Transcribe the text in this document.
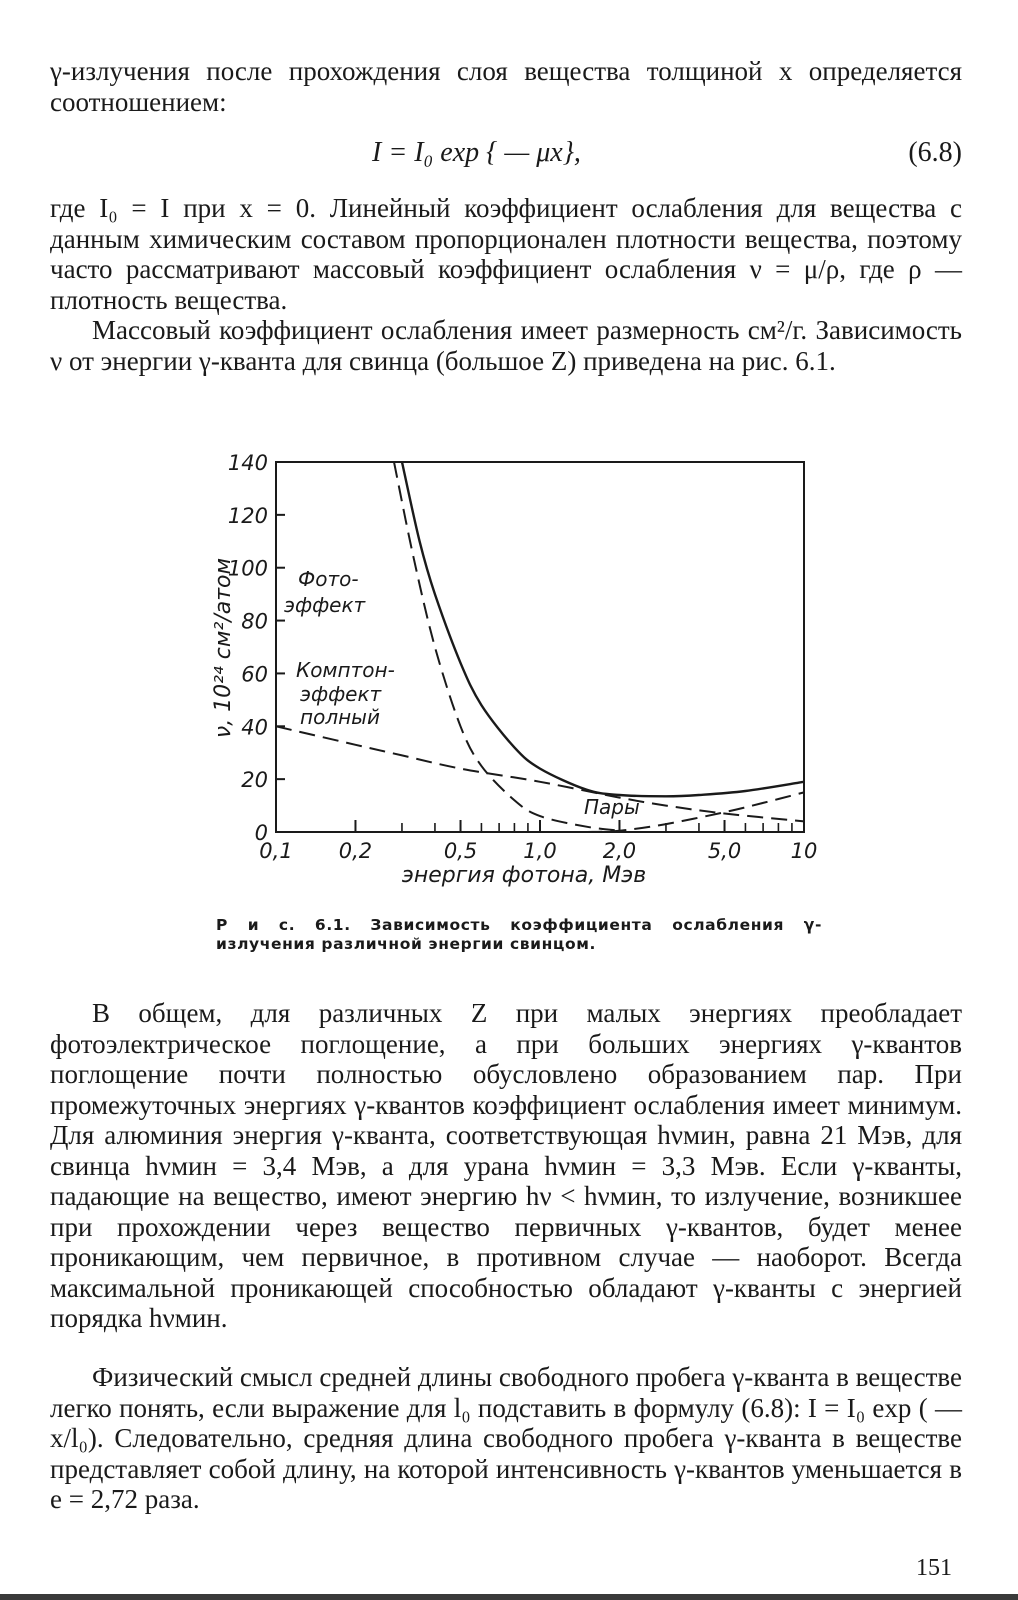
γ-излучения после прохождения слоя вещества толщиной x определяется соотношением:
I = I₀ exp { — μx},	(6.8)
где I₀ = I при x = 0. Линейный коэффициент ослабления для вещества с данным химическим составом пропорционален плотности вещества, поэтому часто рассматривают массовый коэффициент ослабления ν = μ/ρ, где ρ — плотность вещества.
Массовый коэффициент ослабления имеет размерность см²/г. Зависимость ν от энергии γ-кванта для свинца (большое Z) приведена на рис. 6.1.
0
20
40
60
80
100
120
140
0,1 0,2	0,5 1,0 2,0	5,0 10
Фото-
эффект
Комптон-
эффект
полный
Пары
энергия фотона, Мэв
ν, 10²⁴ см²/атом
Р и с. 6.1. Зависимость коэффициента ослабления γ-излучения различной энергии свинцом.
В общем, для различных Z при малых энергиях преобладает фотоэлектрическое поглощение, а при больших энергиях γ-квантов поглощение почти полностью обусловлено образованием пар. При промежуточных энергиях γ-квантов коэффициент ослабления имеет минимум. Для алюминия энергия γ-кванта, соответствующая hνмин, равна 21 Мэв, для свинца hνмин = 3,4 Мэв, а для урана hνмин = 3,3 Мэв. Если γ-кванты, падающие на вещество, имеют энергию hν < hνмин, то излучение, возникшее при прохождении через вещество первичных γ-квантов, будет менее проникающим, чем первичное, в противном случае — наоборот. Всегда максимальной проникающей способностью обладают γ-кванты с энергией порядка hνмин.
Физический смысл средней длины свободного пробега γ-кванта в веществе легко понять, если выражение для l₀ подставить в формулу (6.8): I = I₀ exp ( — x/l₀). Следовательно, средняя длина свободного пробега γ-кванта в веществе представляет собой длину, на которой интенсивность γ-квантов уменьшается в e = 2,72 раза.
151
